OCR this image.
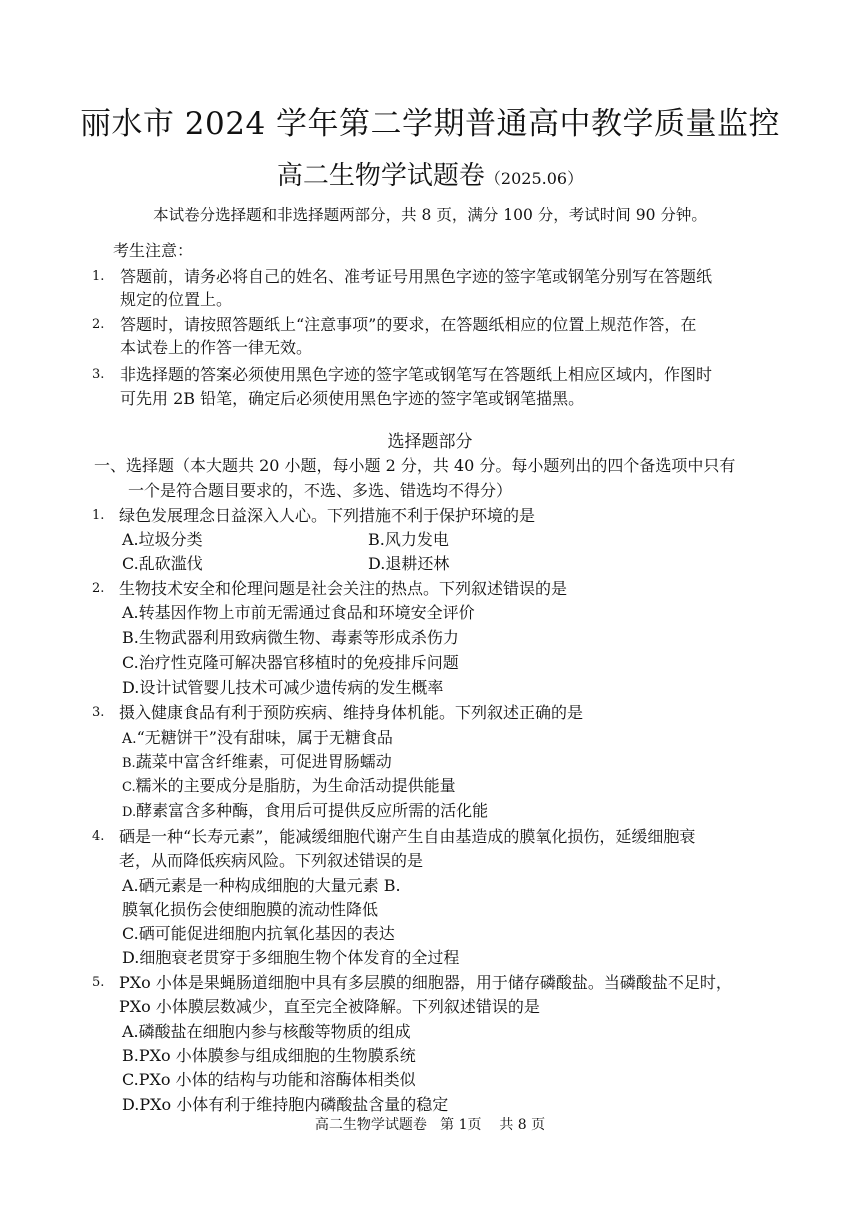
丽水市 2024 学年第二学期普通高中教学质量监控
高二生物学试题卷（2025.06）
本试卷分选择题和非选择题两部分，共 8 页，满分 100 分，考试时间 90 分钟。
考生注意：
1. 答题前，请务必将自己的姓名、准考证号用黑色字迹的签字笔或钢笔分别写在答题纸
规定的位置上。
2. 答题时，请按照答题纸上“注意事项”的要求，在答题纸相应的位置上规范作答，在
本试卷上的作答一律无效。
3. 非选择题的答案必须使用黑色字迹的签字笔或钢笔写在答题纸上相应区域内，作图时
可先用 2B 铅笔，确定后必须使用黑色字迹的签字笔或钢笔描黑。
选择题部分
一、选择题（本大题共 20 小题，每小题 2 分，共 40 分。每小题列出的四个备选项中只有
一个是符合题目要求的，不选、多选、错选均不得分）
1. 绿色发展理念日益深入人心。下列措施不利于保护环境的是
A.垃圾分类	B.风力发电
C.乱砍滥伐	D.退耕还林
2. 生物技术安全和伦理问题是社会关注的热点。下列叙述错误的是
A.转基因作物上市前无需通过食品和环境安全评价
B.生物武器利用致病微生物、毒素等形成杀伤力
C.治疗性克隆可解决器官移植时的免疫排斥问题
D.设计试管婴儿技术可减少遗传病的发生概率
3. 摄入健康食品有利于预防疾病、维持身体机能。下列叙述正确的是
A.“无糖饼干”没有甜味，属于无糖食品
B.蔬菜中富含纤维素，可促进胃肠蠕动
C.糯米的主要成分是脂肪，为生命活动提供能量
D.酵素富含多种酶，食用后可提供反应所需的活化能
4. 硒是一种“长寿元素”，能减缓细胞代谢产生自由基造成的膜氧化损伤，延缓细胞衰
老，从而降低疾病风险。下列叙述错误的是
A.硒元素是一种构成细胞的大量元素 B.
膜氧化损伤会使细胞膜的流动性降低
C.硒可能促进细胞内抗氧化基因的表达
D.细胞衰老贯穿于多细胞生物个体发育的全过程
5. PXo 小体是果蝇肠道细胞中具有多层膜的细胞器，用于储存磷酸盐。当磷酸盐不足时，
PXo 小体膜层数减少，直至完全被降解。下列叙述错误的是
A.磷酸盐在细胞内参与核酸等物质的组成
B.PXo 小体膜参与组成细胞的生物膜系统
C.PXo 小体的结构与功能和溶酶体相类似
D.PXo 小体有利于维持胞内磷酸盐含量的稳定
高二生物学试题卷   第 1页    共 8 页
